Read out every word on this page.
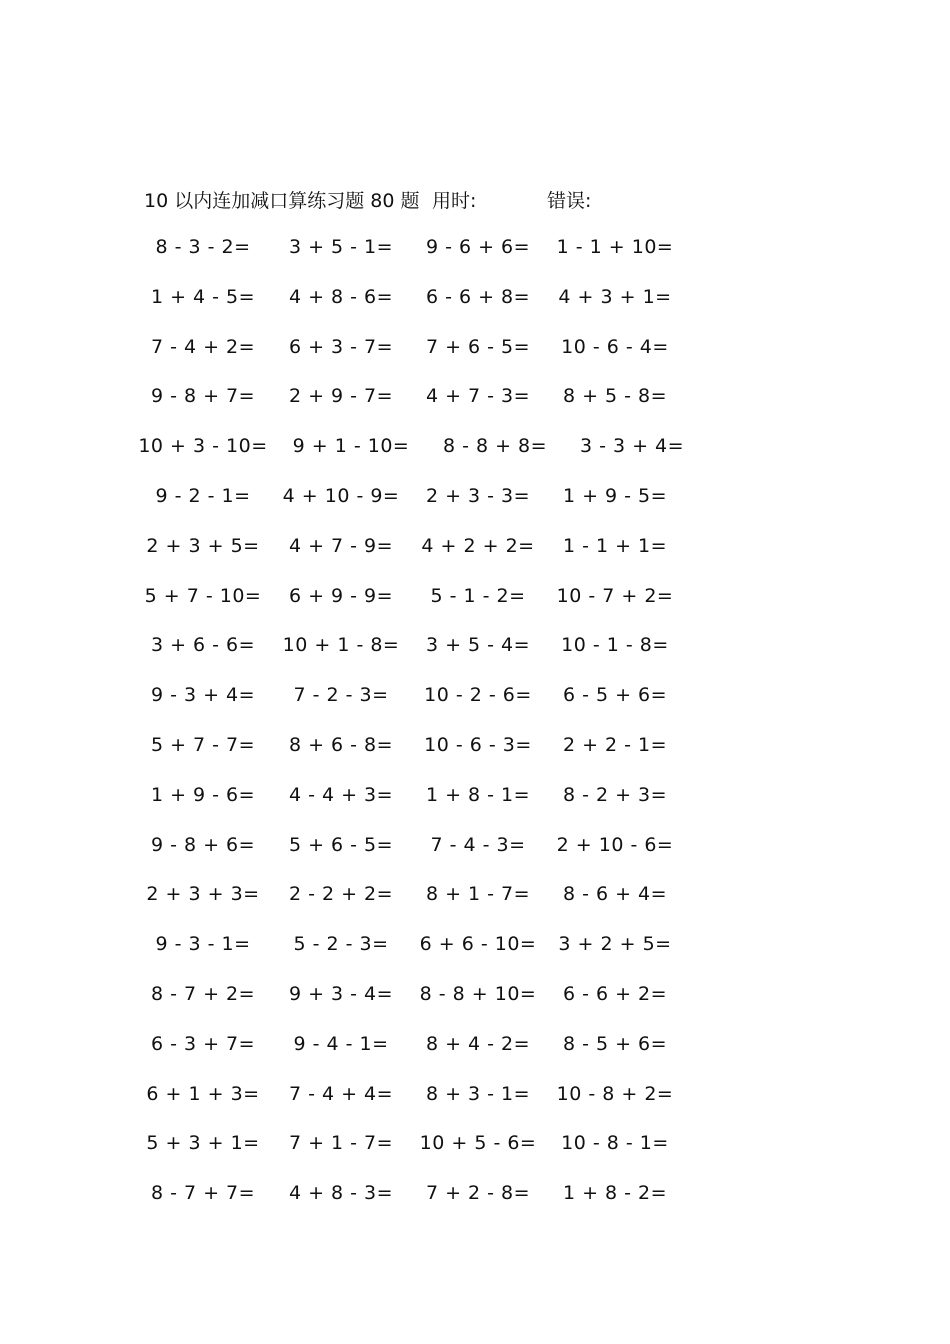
10 以内连加减口算练习题 80 题 用时:	错误:
8 - 3 - 2=	3 + 5 - 1=	9 - 6 + 6=	1 - 1 + 10=
1 + 4 - 5=	4 + 8 - 6=	6 - 6 + 8=	4 + 3 + 1=
7 - 4 + 2=	6 + 3 - 7=	7 + 6 - 5=	10 - 6 - 4=
9 - 8 + 7=	2 + 9 - 7=	4 + 7 - 3=	8 + 5 - 8=
10 + 3 - 10=	9 + 1 - 10=	8 - 8 + 8=	3 - 3 + 4=
9 - 2 - 1=	4 + 10 - 9=	2 + 3 - 3=	1 + 9 - 5=
2 + 3 + 5=	4 + 7 - 9=	4 + 2 + 2=	1 - 1 + 1=
5 + 7 - 10=	6 + 9 - 9=	5 - 1 - 2=	10 - 7 + 2=
3 + 6 - 6=	10 + 1 - 8=	3 + 5 - 4=	10 - 1 - 8=
9 - 3 + 4=	7 - 2 - 3=	10 - 2 - 6=	6 - 5 + 6=
5 + 7 - 7=	8 + 6 - 8=	10 - 6 - 3=	2 + 2 - 1=
1 + 9 - 6=	4 - 4 + 3=	1 + 8 - 1=	8 - 2 + 3=
9 - 8 + 6=	5 + 6 - 5=	7 - 4 - 3=	2 + 10 - 6=
2 + 3 + 3=	2 - 2 + 2=	8 + 1 - 7=	8 - 6 + 4=
9 - 3 - 1=	5 - 2 - 3=	6 + 6 - 10=	3 + 2 + 5=
8 - 7 + 2=	9 + 3 - 4=	8 - 8 + 10=	6 - 6 + 2=
6 - 3 + 7=	9 - 4 - 1=	8 + 4 - 2=	8 - 5 + 6=
6 + 1 + 3=	7 - 4 + 4=	8 + 3 - 1=	10 - 8 + 2=
5 + 3 + 1=	7 + 1 - 7=	10 + 5 - 6=	10 - 8 - 1=
8 - 7 + 7=	4 + 8 - 3=	7 + 2 - 8=	1 + 8 - 2=
